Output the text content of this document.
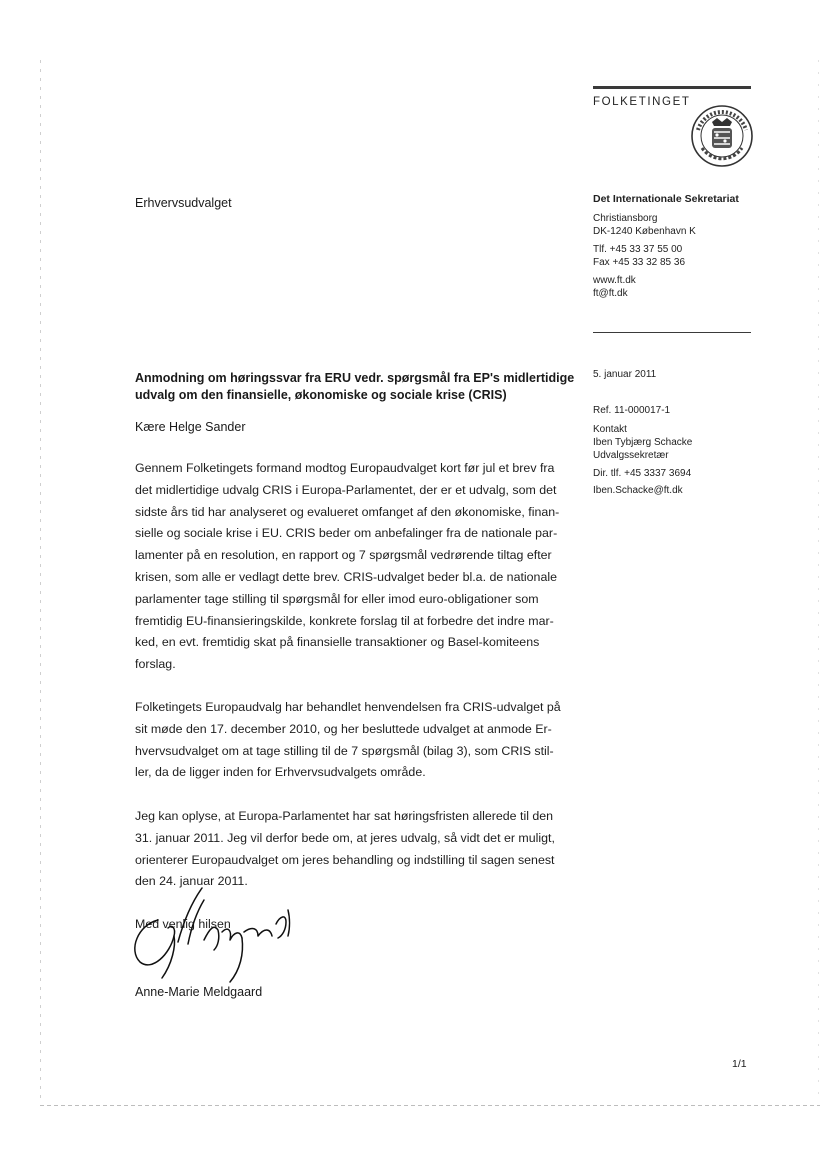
FOLKETINGET
Det Internationale Sekretariat
Christiansborg
DK-1240 København K
Tlf. +45 33 37 55 00
Fax +45 33 32 85 36
www.ft.dk
ft@ft.dk
5. januar 2011
Ref. 11-000017-1
Kontakt
Iben Tybjærg Schacke
Udvalgssekretær
Dir. tlf. +45 3337 3694
Iben.Schacke@ft.dk
Erhvervsudvalget
Anmodning om høringssvar fra ERU vedr. spørgsmål fra EP's midlertidige
udvalg om den finansielle, økonomiske og sociale krise (CRIS)
Kære Helge Sander
Gennem Folketingets formand modtog Europaudvalget kort før jul et brev fra
det midlertidige udvalg CRIS i Europa-Parlamentet, der er et udvalg, som det
sidste års tid har analyseret og evalueret omfanget af den økonomiske, finan-
sielle og sociale krise i EU. CRIS beder om anbefalinger fra de nationale par-
lamenter på en resolution, en rapport og 7 spørgsmål vedrørende tiltag efter
krisen, som alle er vedlagt dette brev. CRIS-udvalget beder bl.a. de nationale
parlamenter tage stilling til spørgsmål for eller imod euro-obligationer som
fremtidig EU-finansieringskilde, konkrete forslag til at forbedre det indre mar-
ked, en evt. fremtidig skat på finansielle transaktioner og Basel-komiteens
forslag.
Folketingets Europaudvalg har behandlet henvendelsen fra CRIS-udvalget på
sit møde den 17. december 2010, og her besluttede udvalget at anmode Er-
hvervsudvalget om at tage stilling til de 7 spørgsmål (bilag 3), som CRIS stil-
ler, da de ligger inden for Erhvervsudvalgets område.
Jeg kan oplyse, at Europa-Parlamentet har sat høringsfristen allerede til den
31. januar 2011. Jeg vil derfor bede om, at jeres udvalg, så vidt det er muligt,
orienterer Europaudvalget om jeres behandling og indstilling til sagen senest
den 24. januar 2011.
Med venlig hilsen
Anne-Marie Meldgaard
1/1
